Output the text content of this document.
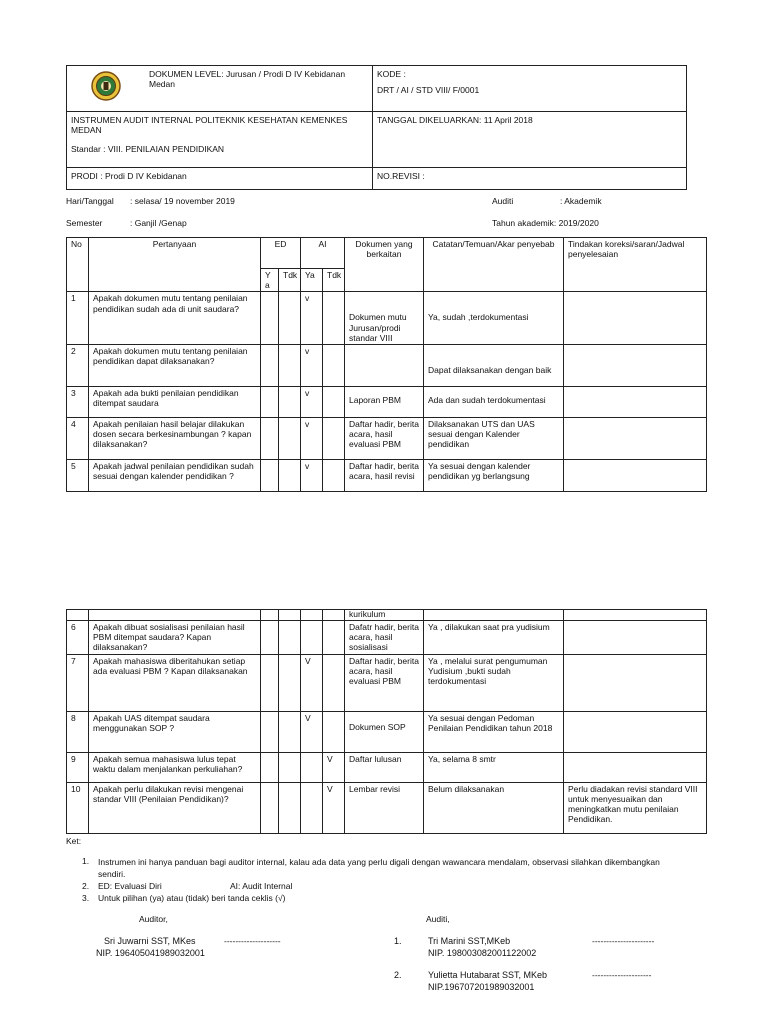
DOKUMEN LEVEL: Jurusan / Prodi D IV Kebidanan Medan	KODE :
DRT / AI / STD VIII/ F/0001

INSTRUMEN AUDIT INTERNAL POLITEKNIK KESEHATAN KEMENKES MEDAN
Standar : VIII. PENILAIAN PENDIDIKAN	TANGGAL DIKELUARKAN: 11 April 2018

PRODI : Prodi D IV Kebidanan	NO.REVISI :
Hari/Tanggal : selasa/ 19 november 2019	Auditi	: Akademik
Semester	: Ganjil /Genap	Tahun akademik: 2019/2020
No	Pertanyaan	ED		AI		Dokumen yang berkaitan	Catatan/Temuan/Akar penyebab	Tindakan koreksi/saran/Jadwal penyelesaian
		Y a	Tdk	Ya	Tdk			
1	Apakah dokumen mutu tentang penilaian pendidikan sudah ada di unit saudara?			v		Dokumen mutu Jurusan/prodi standar VIII	Ya, sudah ,terdokumentasi	
2	Apakah dokumen mutu tentang penilaian pendidikan dapat dilaksanakan?			v			Dapat dilaksanakan dengan baik	
3	Apakah ada bukti penilaian pendidikan ditempat saudara			v		Laporan PBM	Ada dan sudah terdokumentasi	
4	Apakah penilaian hasil belajar dilakukan dosen secara berkesinambungan ? kapan dilaksanakan?			v		Daftar hadir, berita acara, hasil evaluasi PBM	Dilaksanakan UTS dan UAS sesuai dengan Kalender pendidikan	
5	Apakah jadwal penilaian pendidikan sudah sesuai dengan kalender pendidikan ?			v		Daftar hadir, berita acara, hasil revisi	Ya sesuai dengan kalender pendidikan yg berlangsung	
						kurikulum		
6	Apakah dibuat sosialisasi penilaian hasil PBM ditempat saudara? Kapan dilaksanakan?					Dafatr hadir, berita acara, hasil sosialisasi	Ya , dilakukan saat pra yudisium	
7	Apakah mahasiswa diberitahukan setiap ada evaluasi PBM ? Kapan dilaksanakan			V		Daftar hadir, berita acara, hasil evaluasi PBM	Ya , melalui surat pengumuman Yudisium ,bukti sudah terdokumentasi	
8	Apakah UAS ditempat saudara menggunakan SOP ?			V		Dokumen SOP	Ya sesuai dengan Pedoman Penilaian Pendidikan tahun 2018	
9	Apakah semua mahasiswa lulus tepat waktu dalam menjalankan perkuliahan?				V	Daftar lulusan	Ya, selama 8 smtr	
10	Apakah perlu dilakukan revisi mengenai standar VIII (Penilaian Pendidikan)?				V	Lembar revisi	Belum dilaksanakan	Perlu diadakan revisi standard VIII untuk menyesuaikan dan meningkatkan mutu penilaian Pendidikan.
Ket:
1. Instrumen ini hanya panduan bagi auditor internal, kalau ada data yang perlu digali dengan wawancara mendalam, observasi silahkan dikembangkan sendiri.
2. ED: Evaluasi Diri	AI: Audit Internal
3. Untuk pilihan (ya) atau (tidak) beri tanda ceklis (√)
Auditor,
Sri Juwarni SST, MKes	--------------------
NIP. 196405041989032001
Auditi,
1.	Tri Marini SST,MKeb	----------------------
NIP. 198003082001122002
2.	Yulietta Hutabarat SST, MKeb	---------------------
NIP.196707201989032001
